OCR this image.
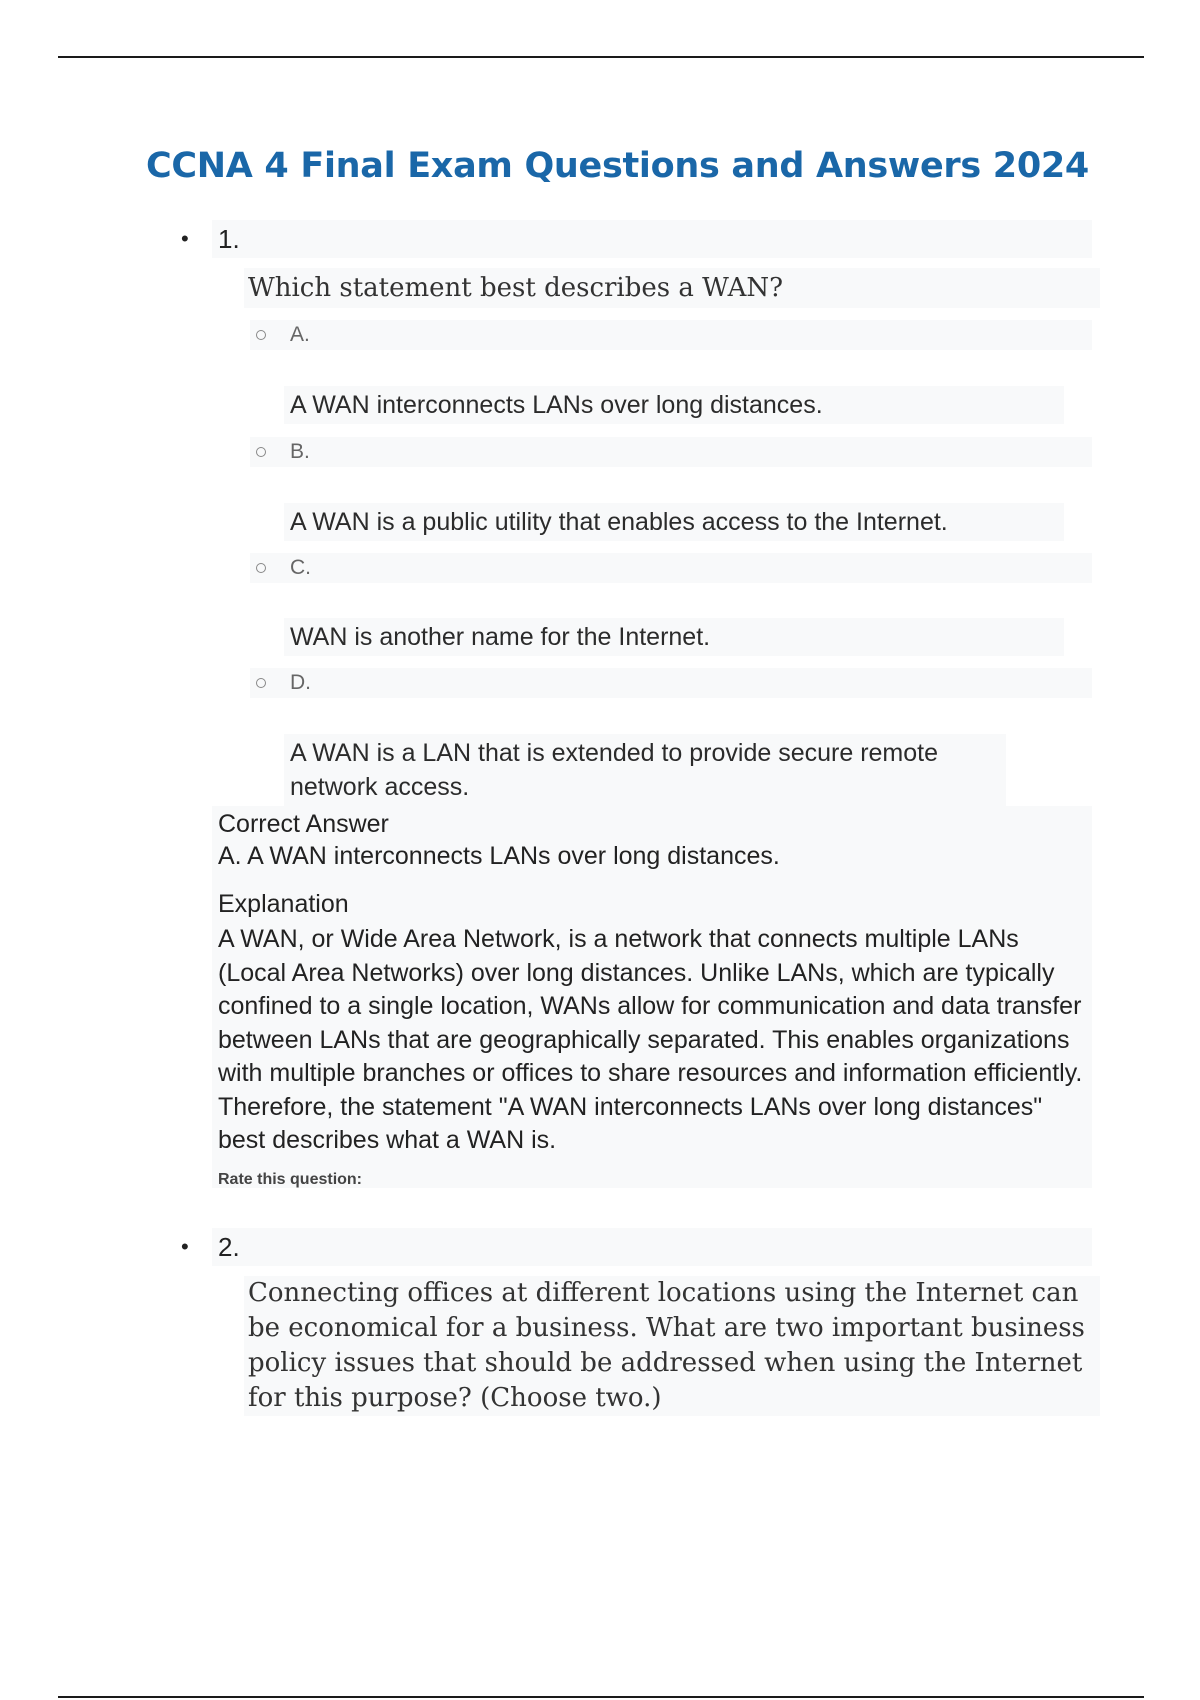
CCNA 4 Final Exam Questions and Answers 2024
• 1.
Which statement best describes a WAN?
A.
A WAN interconnects LANs over long distances.
B.
A WAN is a public utility that enables access to the Internet.
C.
WAN is another name for the Internet.
D.
A WAN is a LAN that is extended to provide secure remote network access.
Correct Answer
A. A WAN interconnects LANs over long distances.
Explanation
A WAN, or Wide Area Network, is a network that connects multiple LANs (Local Area Networks) over long distances. Unlike LANs, which are typically confined to a single location, WANs allow for communication and data transfer between LANs that are geographically separated. This enables organizations with multiple branches or offices to share resources and information efficiently. Therefore, the statement "A WAN interconnects LANs over long distances" best describes what a WAN is.
Rate this question:
• 2.
Connecting offices at different locations using the Internet can be economical for a business. What are two important business policy issues that should be addressed when using the Internet for this purpose? (Choose two.)
